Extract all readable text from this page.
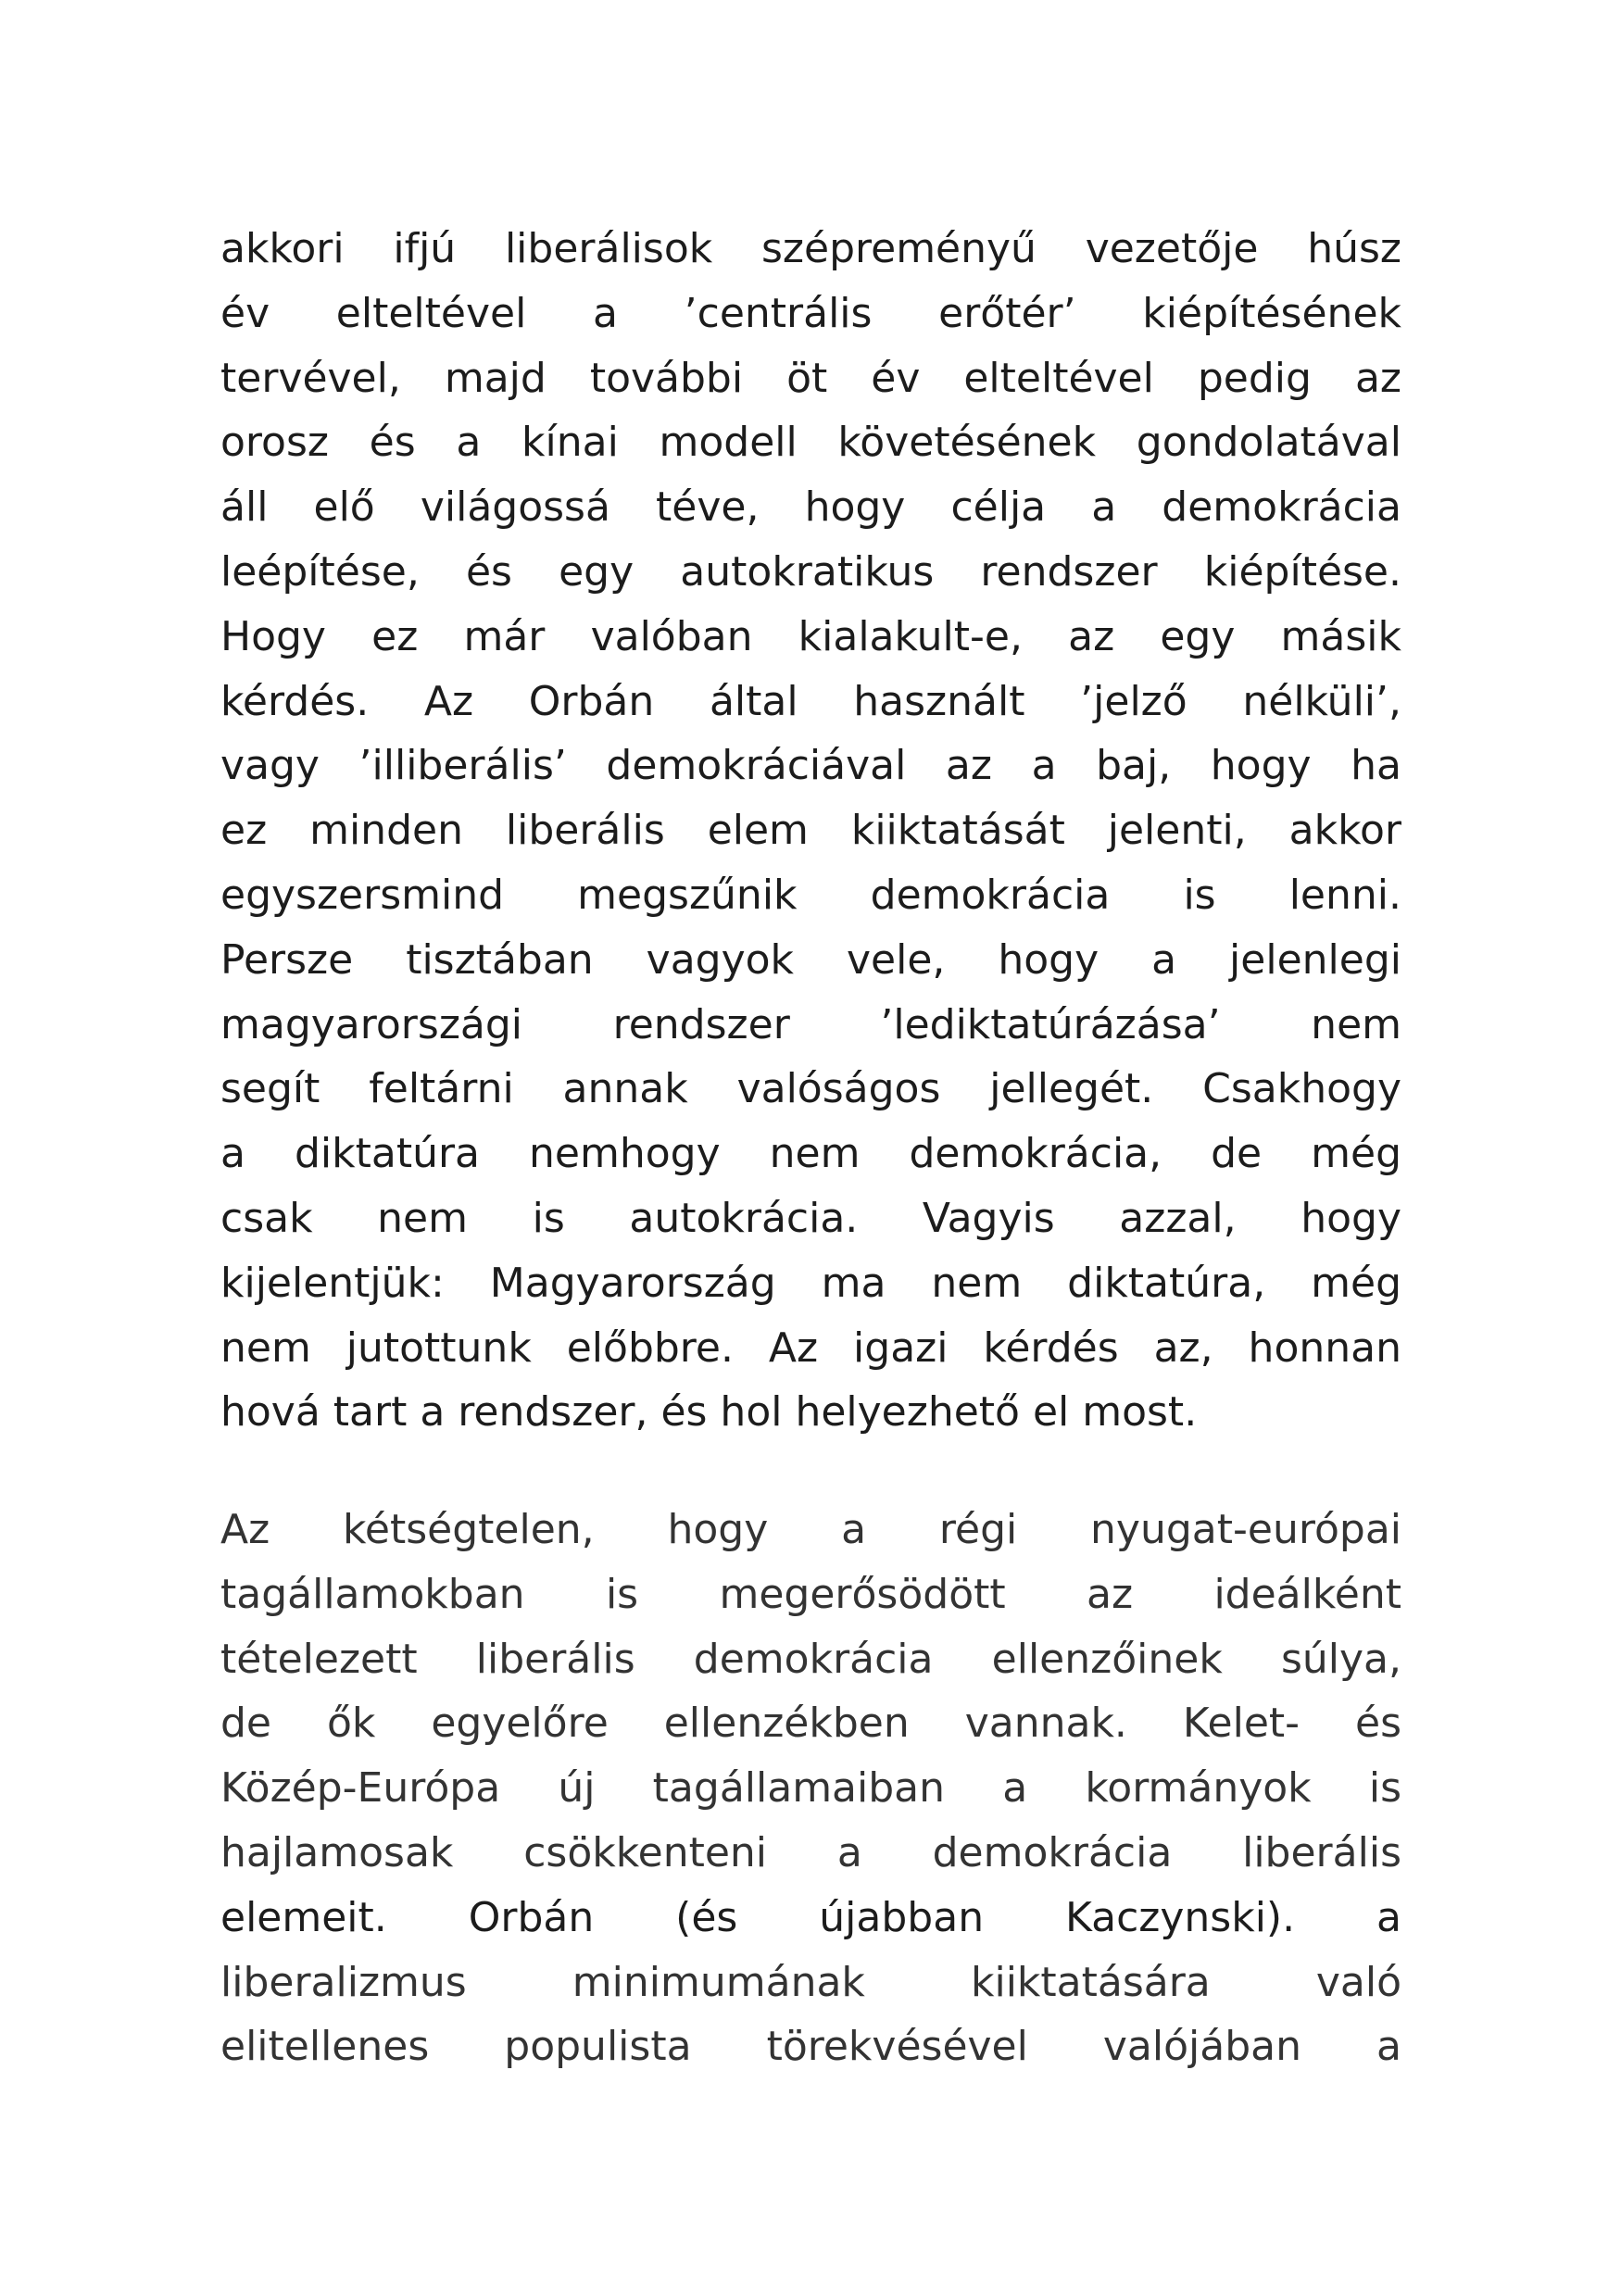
akkori ifjú liberálisok szépreményű vezetője húsz
év elteltével a ’centrális erőtér’ kiépítésének
tervével, majd további öt év elteltével pedig az
orosz és a kínai modell követésének gondolatával
áll elő világossá téve, hogy célja a demokrácia
leépítése, és egy autokratikus rendszer kiépítése.
Hogy ez már valóban kialakult-e, az egy másik
kérdés. Az Orbán által használt ’jelző nélküli’,
vagy ’illiberális’ demokráciával az a baj, hogy ha
ez minden liberális elem kiiktatását jelenti, akkor
egyszersmind megszűnik demokrácia is lenni.
Persze tisztában vagyok vele, hogy a jelenlegi
magyarországi rendszer ’lediktatúrázása’ nem
segít feltárni annak valóságos jellegét. Csakhogy
a diktatúra nemhogy nem demokrácia, de még
csak nem is autokrácia. Vagyis azzal, hogy
kijelentjük: Magyarország ma nem diktatúra, még
nem jutottunk előbbre. Az igazi kérdés az, honnan
hová tart a rendszer, és hol helyezhető el most.

Az kétségtelen, hogy a régi nyugat-európai
tagállamokban is megerősödött az ideálként
tételezett liberális demokrácia ellenzőinek súlya,
de ők egyelőre ellenzékben vannak. Kelet- és
Közép-Európa új tagállamaiban a kormányok is
hajlamosak csökkenteni a demokrácia liberális
elemeit. Orbán (és újabban Kaczynski). a
liberalizmus minimumának kiiktatására való
elitellenes populista törekvésével valójában a
